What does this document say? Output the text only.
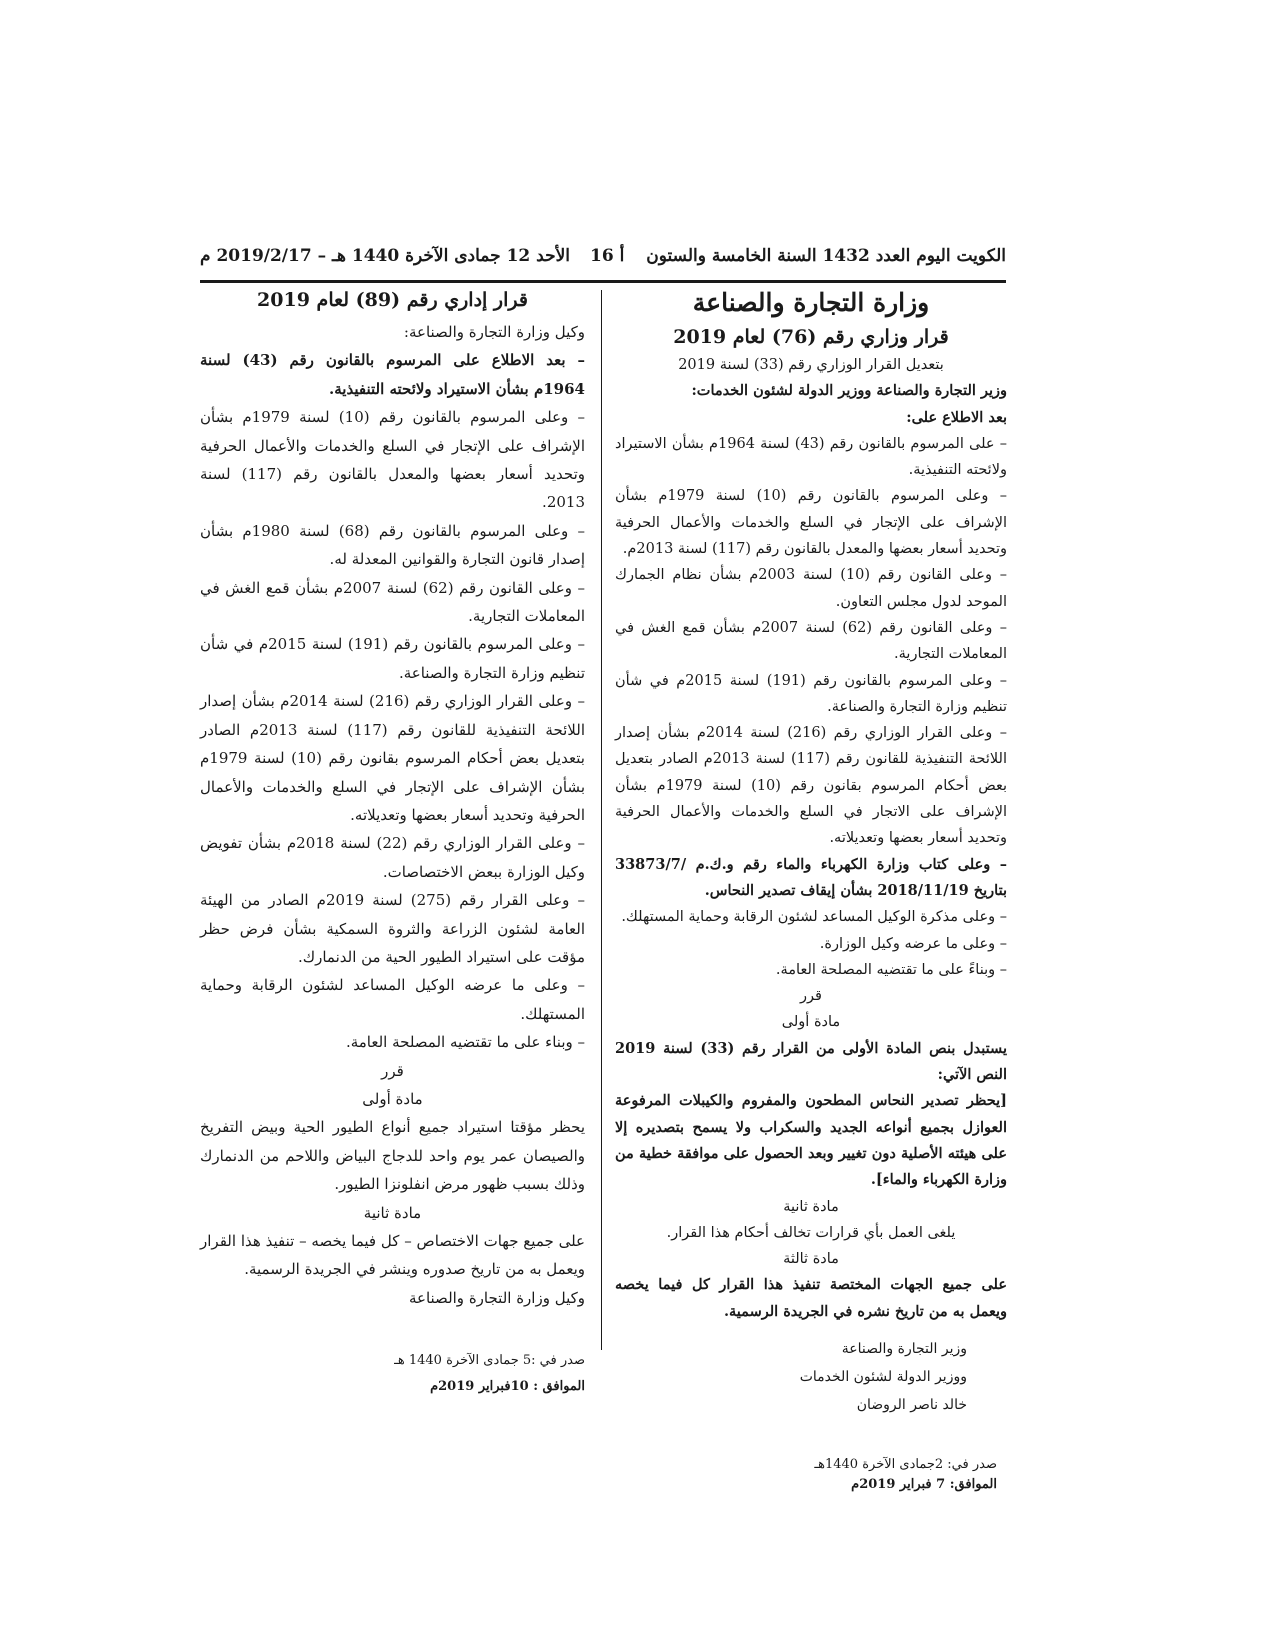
الكويت اليوم العدد 1432 السنة الخامسة والستون
أ 16
الأحد 12 جمادى الآخرة 1440 هـ – 2019/2/17 م

وزارة التجارة والصناعة

قرار وزاري رقم (76) لعام 2019

بتعديل القرار الوزاري رقم (33) لسنة 2019

وزير التجارة والصناعة ووزير الدولة لشئون الخدمات:

بعد الاطلاع على:

– على المرسوم بالقانون رقم (43) لسنة 1964م بشأن الاستيراد ولائحته التنفيذية.

– وعلى المرسوم بالقانون رقم (10) لسنة 1979م بشأن الإشراف على الإتجار في السلع والخدمات والأعمال الحرفية وتحديد أسعار بعضها والمعدل بالقانون رقم (117) لسنة 2013م.

– وعلى القانون رقم (10) لسنة 2003م بشأن نظام الجمارك الموحد لدول مجلس التعاون.

– وعلى القانون رقم (62) لسنة 2007م بشأن قمع الغش في المعاملات التجارية.

– وعلى المرسوم بالقانون رقم (191) لسنة 2015م في شأن تنظيم وزارة التجارة والصناعة.

– وعلى القرار الوزاري رقم (216) لسنة 2014م بشأن إصدار اللائحة التنفيذية للقانون رقم (117) لسنة 2013م الصادر بتعديل بعض أحكام المرسوم بقانون رقم (10) لسنة 1979م بشأن الإشراف على الاتجار في السلع والخدمات والأعمال الحرفية وتحديد أسعار بعضها وتعديلاته.

– وعلى كتاب وزارة الكهرباء والماء رقم و.ك.م /33873/7 بتاريخ 2018/11/19 بشأن إيقاف تصدير النحاس.

– وعلى مذكرة الوكيل المساعد لشئون الرقابة وحماية المستهلك.

– وعلى ما عرضه وكيل الوزارة.

– وبناءً على ما تقتضيه المصلحة العامة.

قرر

مادة أولى

يستبدل بنص المادة الأولى من القرار رقم (33) لسنة 2019 النص الآتي:

[يحظر تصدير النحاس المطحون والمفروم والكيبلات المرفوعة العوازل بجميع أنواعه الجديد والسكراب ولا يسمح بتصديره إلا على هيئته الأصلية دون تغيير وبعد الحصول على موافقة خطية من وزارة الكهرباء والماء].

مادة ثانية

يلغى العمل بأي قرارات تخالف أحكام هذا القرار.

مادة ثالثة

على جميع الجهات المختصة تنفيذ هذا القرار كل فيما يخصه ويعمل به من تاريخ نشره في الجريدة الرسمية.

وزير التجارة والصناعة

ووزير الدولة لشئون الخدمات

خالد ناصر الروضان

صدر في: 2جمادى الآخرة 1440هـ

الموافق: 7 فبراير 2019م

قرار إداري رقم (89) لعام 2019

وكيل وزارة التجارة والصناعة:

– بعد الاطلاع على المرسوم بالقانون رقم (43) لسنة 1964م بشأن الاستيراد ولائحته التنفيذية.

– وعلى المرسوم بالقانون رقم (10) لسنة 1979م بشأن الإشراف على الإتجار في السلع والخدمات والأعمال الحرفية وتحديد أسعار بعضها والمعدل بالقانون رقم (117) لسنة 2013.

– وعلى المرسوم بالقانون رقم (68) لسنة 1980م بشأن إصدار قانون التجارة والقوانين المعدلة له.

– وعلى القانون رقم (62) لسنة 2007م بشأن قمع الغش في المعاملات التجارية.

– وعلى المرسوم بالقانون رقم (191) لسنة 2015م في شأن تنظيم وزارة التجارة والصناعة.

– وعلى القرار الوزاري رقم (216) لسنة 2014م بشأن إصدار اللائحة التنفيذية للقانون رقم (117) لسنة 2013م الصادر بتعديل بعض أحكام المرسوم بقانون رقم (10) لسنة 1979م بشأن الإشراف على الإتجار في السلع والخدمات والأعمال الحرفية وتحديد أسعار بعضها وتعديلاته.

– وعلى القرار الوزاري رقم (22) لسنة 2018م بشأن تفويض وكيل الوزارة ببعض الاختصاصات.

– وعلى القرار رقم (275) لسنة 2019م الصادر من الهيئة العامة لشئون الزراعة والثروة السمكية بشأن فرض حظر مؤقت على استيراد الطيور الحية من الدنمارك.

– وعلى ما عرضه الوكيل المساعد لشئون الرقابة وحماية المستهلك.

– وبناء على ما تقتضيه المصلحة العامة.

قرر

مادة أولى

يحظر مؤقتا استيراد جميع أنواع الطيور الحية وبيض التفريخ والصيصان عمر يوم واحد للدجاج البياض واللاحم من الدنمارك وذلك بسبب ظهور مرض انفلونزا الطيور.

مادة ثانية

على جميع جهات الاختصاص – كل فيما يخصه – تنفيذ هذا القرار ويعمل به من تاريخ صدوره وينشر في الجريدة الرسمية.

وكيل وزارة التجارة والصناعة

صدر في :5 جمادى الآخرة 1440 هـ

الموافق : 10فبراير 2019م
